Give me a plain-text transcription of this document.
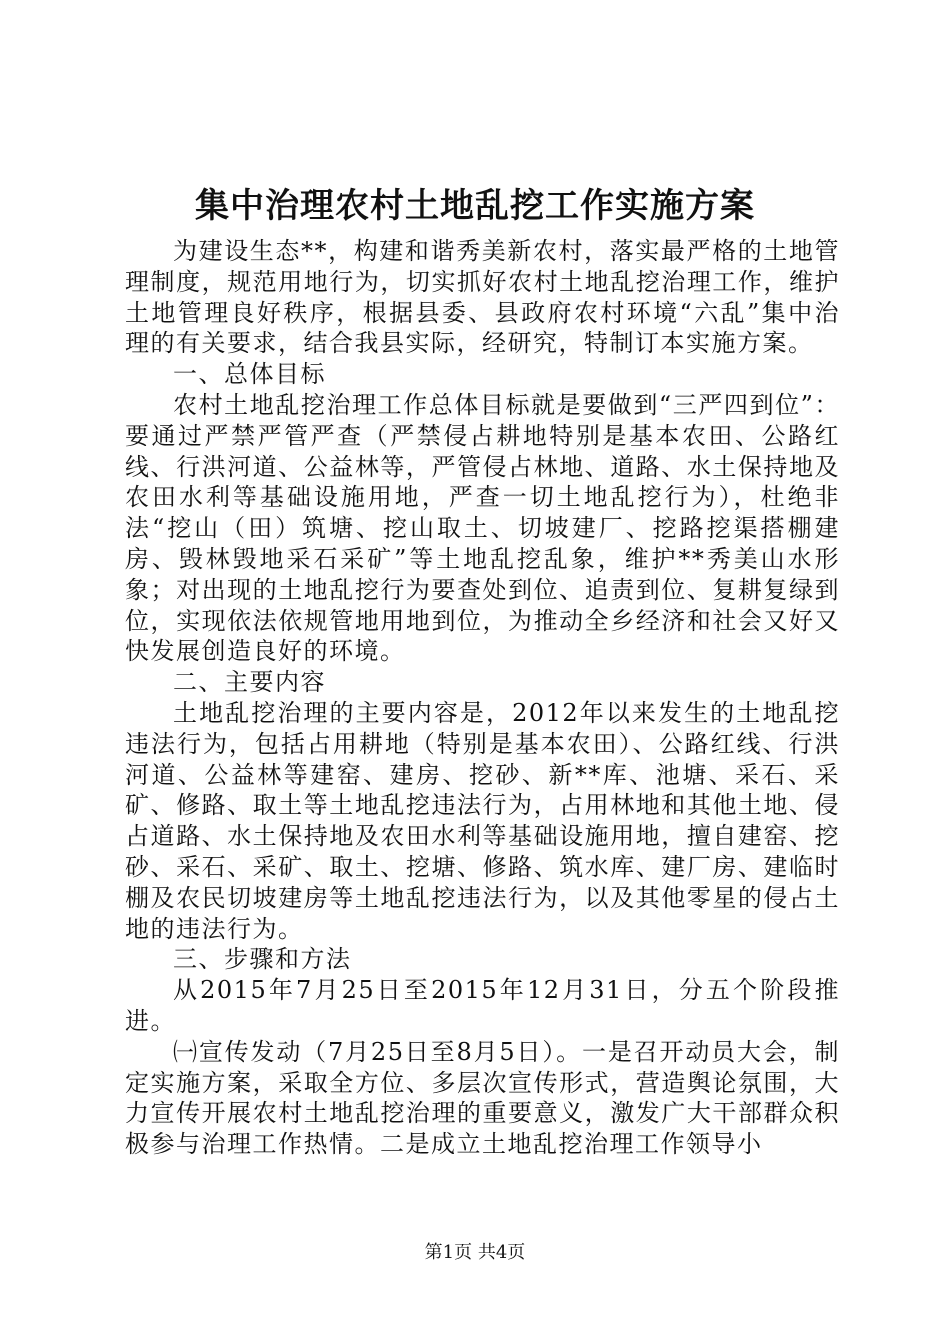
集中治理农村土地乱挖工作实施方案

为建设生态**，构建和谐秀美新农村，落实最严格的土地管理制度，规范用地行为，切实抓好农村土地乱挖治理工作，维护土地管理良好秩序，根据县委、县政府农村环境“六乱”集中治理的有关要求，结合我县实际，经研究，特制订本实施方案。

一、总体目标

农村土地乱挖治理工作总体目标就是要做到“三严四到位”：要通过严禁严管严查（严禁侵占耕地特别是基本农田、公路红线、行洪河道、公益林等，严管侵占林地、道路、水土保持地及农田水利等基础设施用地，严查一切土地乱挖行为），杜绝非法“挖山（田）筑塘、挖山取土、切坡建厂、挖路挖渠搭棚建房、毁林毁地采石采矿”等土地乱挖乱象，维护**秀美山水形象；对出现的土地乱挖行为要查处到位、追责到位、复耕复绿到位，实现依法依规管地用地到位，为推动全乡经济和社会又好又快发展创造良好的环境。

二、主要内容

土地乱挖治理的主要内容是，2012年以来发生的土地乱挖违法行为，包括占用耕地（特别是基本农田）、公路红线、行洪河道、公益林等建窑、建房、挖砂、新**库、池塘、采石、采矿、修路、取土等土地乱挖违法行为，占用林地和其他土地、侵占道路、水土保持地及农田水利等基础设施用地，擅自建窑、挖砂、采石、采矿、取土、挖塘、修路、筑水库、建厂房、建临时棚及农民切坡建房等土地乱挖违法行为，以及其他零星的侵占土地的违法行为。

三、步骤和方法

从2015年7月25日至2015年12月31日，分五个阶段推进。

㈠宣传发动（7月25日至8月5日）。一是召开动员大会，制定实施方案，采取全方位、多层次宣传形式，营造舆论氛围，大力宣传开展农村土地乱挖治理的重要意义，激发广大干部群众积极参与治理工作热情。二是成立土地乱挖治理工作领导小

第1页 共4页
